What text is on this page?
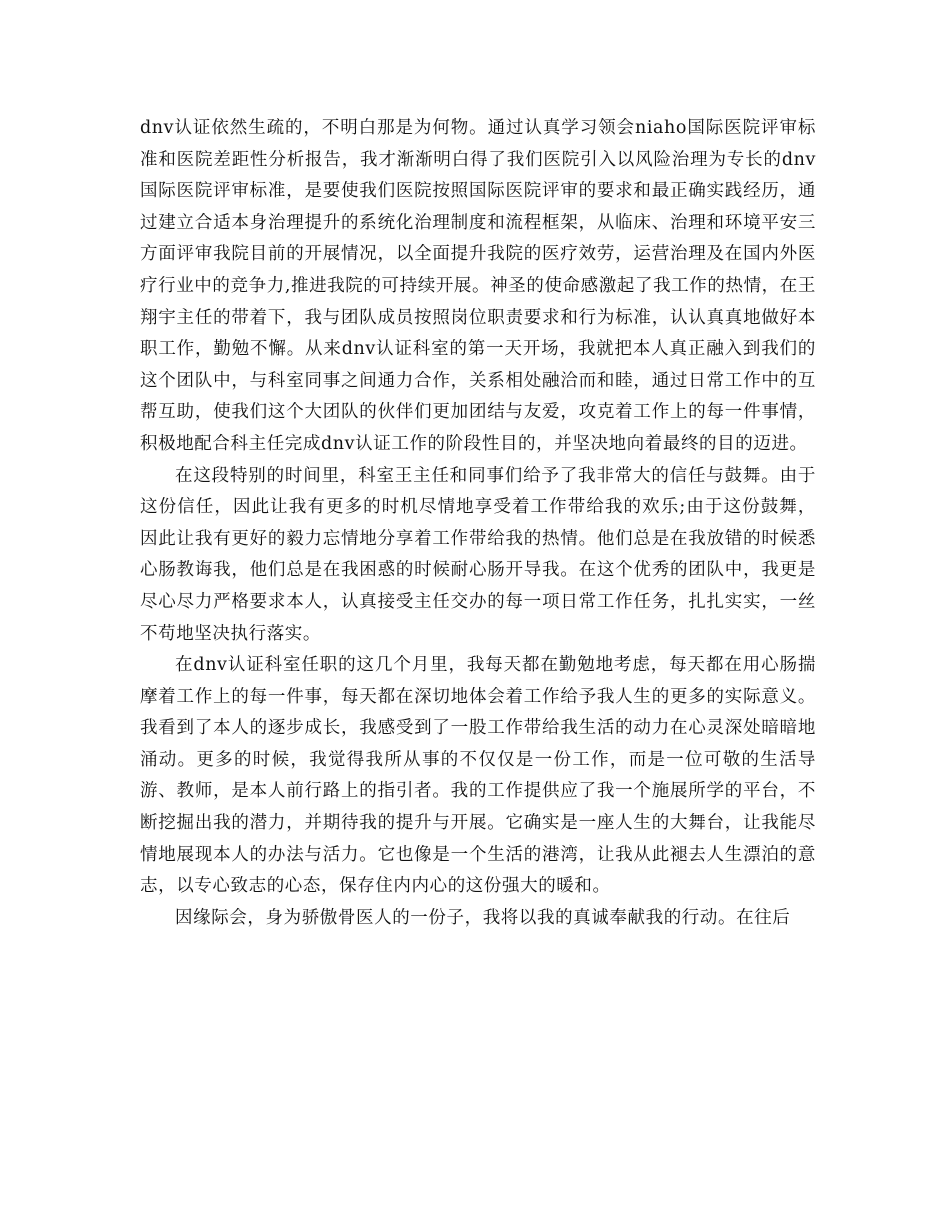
dnv认证依然生疏的，不明白那是为何物。通过认真学习领会niaho国际医院评审标准和医院差距性分析报告，我才渐渐明白得了我们医院引入以风险治理为专长的dnv国际医院评审标准，是要使我们医院按照国际医院评审的要求和最正确实践经历，通过建立合适本身治理提升的系统化治理制度和流程框架，从临床、治理和环境平安三方面评审我院目前的开展情况，以全面提升我院的医疗效劳，运营治理及在国内外医疗行业中的竞争力,推进我院的可持续开展。神圣的使命感激起了我工作的热情，在王翔宇主任的带着下，我与团队成员按照岗位职责要求和行为标准，认认真真地做好本职工作，勤勉不懈。从来dnv认证科室的第一天开场，我就把本人真正融入到我们的这个团队中，与科室同事之间通力合作，关系相处融洽而和睦，通过日常工作中的互帮互助，使我们这个大团队的伙伴们更加团结与友爱，攻克着工作上的每一件事情，积极地配合科主任完成dnv认证工作的阶段性目的，并坚决地向着最终的目的迈进。

在这段特别的时间里，科室王主任和同事们给予了我非常大的信任与鼓舞。由于这份信任，因此让我有更多的时机尽情地享受着工作带给我的欢乐;由于这份鼓舞，因此让我有更好的毅力忘情地分享着工作带给我的热情。他们总是在我放错的时候悉心肠教诲我，他们总是在我困惑的时候耐心肠开导我。在这个优秀的团队中，我更是尽心尽力严格要求本人，认真接受主任交办的每一项日常工作任务，扎扎实实，一丝不苟地坚决执行落实。

在dnv认证科室任职的这几个月里，我每天都在勤勉地考虑，每天都在用心肠揣摩着工作上的每一件事，每天都在深切地体会着工作给予我人生的更多的实际意义。我看到了本人的逐步成长，我感受到了一股工作带给我生活的动力在心灵深处暗暗地涌动。更多的时候，我觉得我所从事的不仅仅是一份工作，而是一位可敬的生活导游、教师，是本人前行路上的指引者。我的工作提供应了我一个施展所学的平台，不断挖掘出我的潜力，并期待我的提升与开展。它确实是一座人生的大舞台，让我能尽情地展现本人的办法与活力。它也像是一个生活的港湾，让我从此褪去人生漂泊的意志，以专心致志的心态，保存住内内心的这份强大的暖和。

因缘际会，身为骄傲骨医人的一份子，我将以我的真诚奉献我的行动。在往后
